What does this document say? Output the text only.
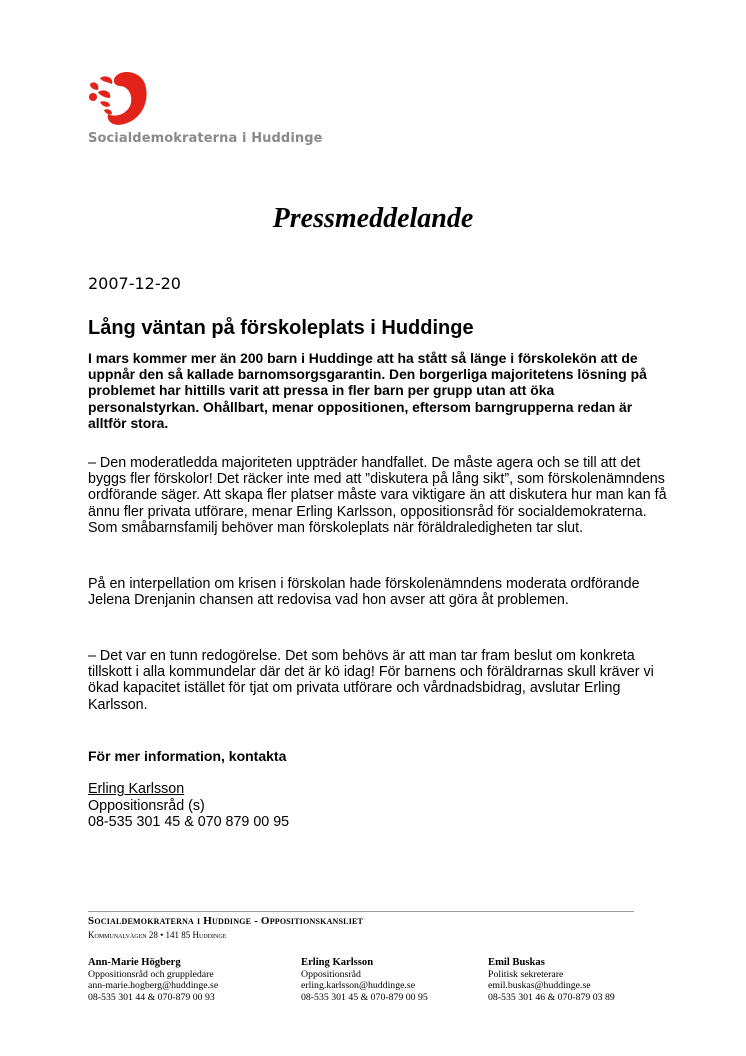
Socialdemokraterna i Huddinge
Pressmeddelande
2007-12-20
Lång väntan på förskoleplats i Huddinge

I mars kommer mer än 200 barn i Huddinge att ha stått så länge i förskolekön att de uppnår den så kallade barnomsorgsgarantin. Den borgerliga majoritetens lösning på problemet har hittills varit att pressa in fler barn per grupp utan att öka personalstyrkan. Ohållbart, menar oppositionen, eftersom barngrupperna redan är alltför stora.

– Den moderatledda majoriteten uppträder handfallet. De måste agera och se till att det byggs fler förskolor! Det räcker inte med att ”diskutera på lång sikt”, som förskolenämndens ordförande säger. Att skapa fler platser måste vara viktigare än att diskutera hur man kan få ännu fler privata utförare, menar Erling Karlsson, oppositionsråd för socialdemokraterna. Som småbarnsfamilj behöver man förskoleplats när föräldraledigheten tar slut.

På en interpellation om krisen i förskolan hade förskolenämndens moderata ordförande Jelena Drenjanin chansen att redovisa vad hon avser att göra åt problemen.

– Det var en tunn redogörelse. Det som behövs är att man tar fram beslut om konkreta tillskott i alla kommundelar där det är kö idag! För barnens och föräldrarnas skull kräver vi ökad kapacitet istället för tjat om privata utförare och vårdnadsbidrag, avslutar Erling Karlsson.

För mer information, kontakta
Erling Karlsson
Oppositionsråd (s)
08-535 301 45 & 070 879 00 95
Socialdemokraterna i Huddinge - Oppositionskansliet
Kommunalvägen 28 • 141 85 Huddinge
Ann-Marie Högberg
Oppositionsråd och gruppledare
ann-marie.hogberg@huddinge.se
08-535 301 44 & 070-879 00 93
Erling Karlsson
Oppositionsråd
erling.karlsson@huddinge.se
08-535 301 45 & 070-879 00 95
Emil Buskas
Politisk sekreterare
emil.buskas@huddinge.se
08-535 301 46 & 070-879 03 89
